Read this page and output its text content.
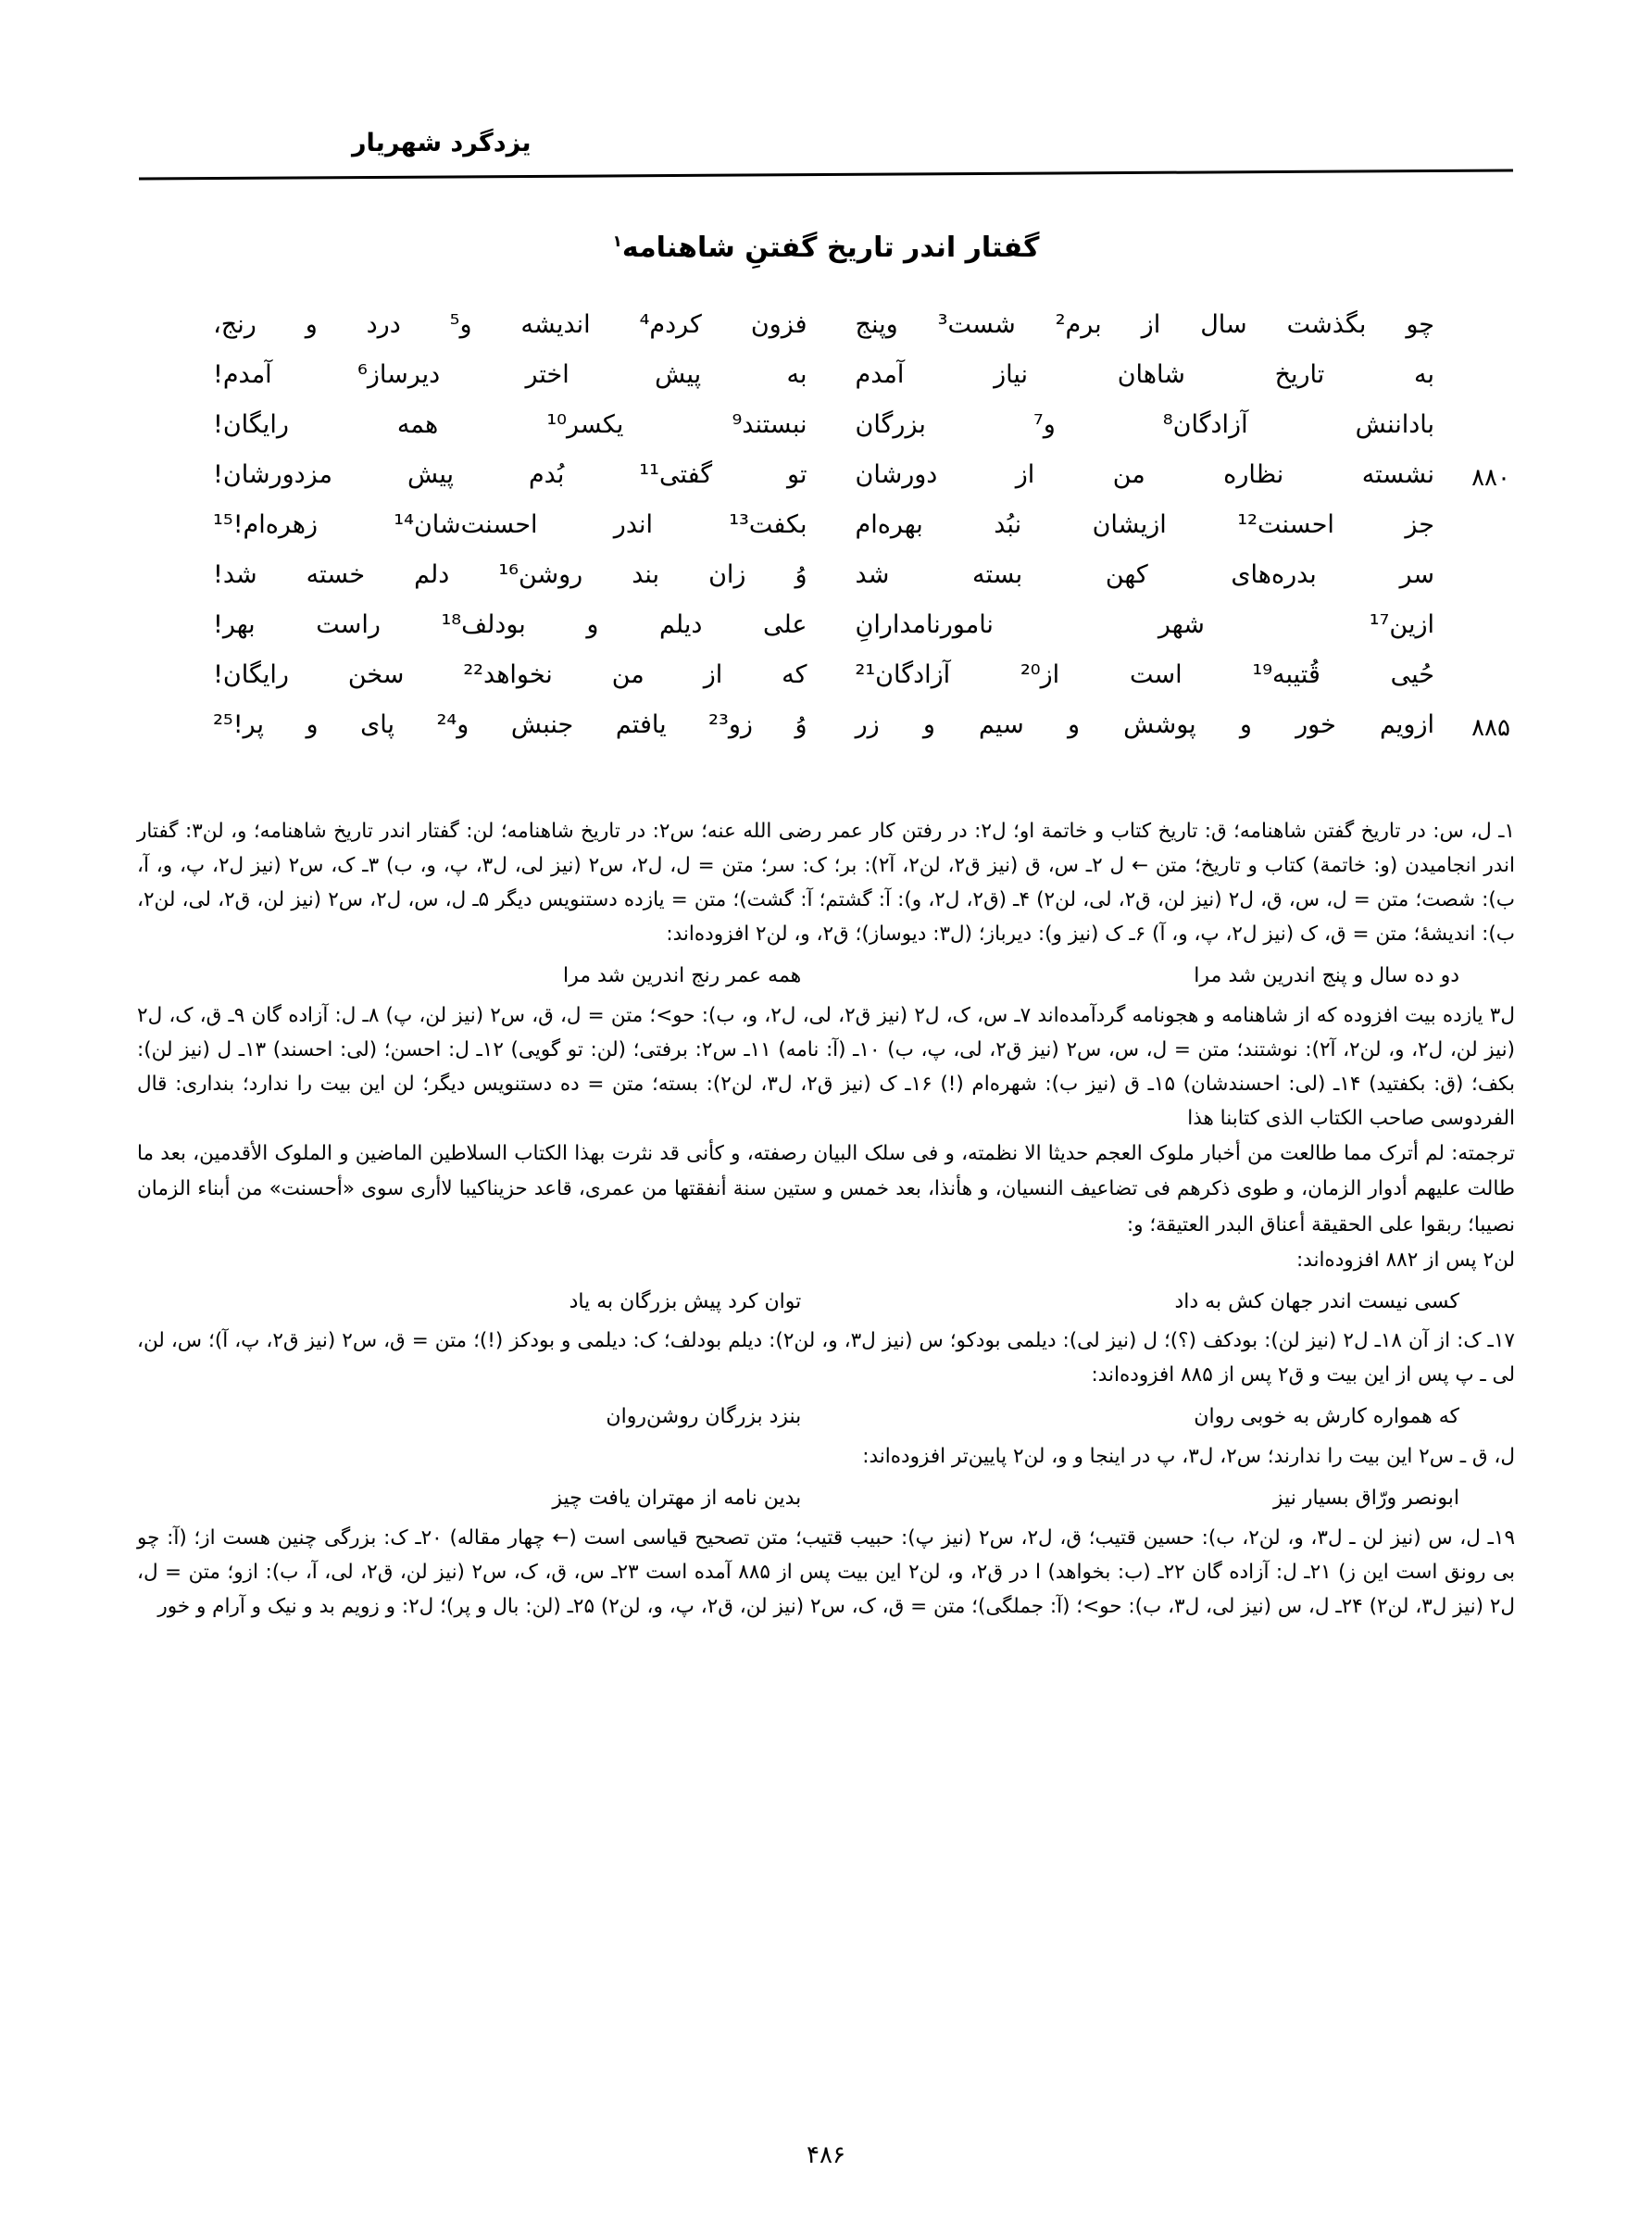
یزدگرد شهریار
گفتار اندر تاریخ گفتنِ شاهنامه$^۱$
چو
بگذشت
سال
از
برم²
شست³
وپنج
فزون
کردم⁴
اندیشه
و⁵
درد
و
رنج،
به
تاریخ
شاهان
نیاز
آمدم
به
پیش
اختر
دیرساز⁶
آمدم!
باداننش
آزادگان⁸
و⁷
بزرگان
نبستند⁹
یکسر¹⁰
همه
رایگان!
۸۸۰
نشسته
نظاره
من
از
دورشان
تو
گفتی¹¹
بُدم
پیش
مزدورشان!
جز
احسنت¹²
ازیشان
نبُد
بهره‌ام
بکفت¹³
اندر
احسنت‌شان¹⁴
زهره‌ام!¹⁵
سر
بدره‌های
کهن
بسته
شد
وُ
زان
بند
روشن¹⁶
دلم
خسته
شد!
ازین¹⁷
شهر
نامورنامدارانِ
علی
دیلم
و
بودلف¹⁸
راست
بهر!
حُیی
قُتیبه¹⁹
است
از²⁰
آزادگان²¹
که
از
من
نخواهد²²
سخن
رایگان!
۸۸۵
ازویم
خور
و
پوشش
و
سیم
و
زر
وُ
زو²³
یافتم
جنبش
و²⁴
پای
و
پر!²⁵

۱ـ ل، س: در تاریخ گفتن شاهنامه؛ ق: تاریخ کتاب و خاتمة او؛ ل۲: در رفتن کار عمر رضی الله عنه؛ س۲: در تاریخ شاهنامه؛ لن: گفتار اندر تاریخ شاهنامه؛ و، لن۳: گفتار اندر انجامیدن (و: خاتمة) کتاب و تاریخ؛ متن ← ل ۲ـ س، ق (نیز ق۲، لن۲، آ۲): بر؛ ک: سر؛ متن = ل، ل۲، س۲ (نیز لی، ل۳، پ، و، ب) ۳ـ ک، س۲ (نیز ل۲، پ، و، آ، ب): شصت؛ متن = ل، س، ق، ل۲ (نیز لن، ق۲، لی، لن۲) ۴ـ (ق۲، ل۲، و): آ: گشتم؛ آ: گشت)؛ متن = یازده دستنویس دیگر ۵ـ ل، س، ل۲، س۲ (نیز لن، ق۲، لی، لن۲، ب): اندیشهٔ؛ متن = ق، ک (نیز ل۲، پ، و، آ) ۶ـ ک (نیز و): دیرباز؛ (ل۳: دیوساز)؛ ق۲، و، لن۲ افزوده‌اند:

دو ده سال و پنج اندرین شد مرا
همه عمر رنج اندرین شد مرا

ل۳ یازده بیت افزوده که از شاهنامه و هجونامه گردآمده‌اند ۷ـ س، ک، ل۲ (نیز ق۲، لی، ل۲، و، ب): حو>؛ متن = ل، ق، س۲ (نیز لن، پ) ۸ـ ل: آزاده گان ۹ـ ق، ک، ل۲ (نیز لن، ل۲، و، لن۲، آ۲): نوشتند؛ متن = ل، س، س۲ (نیز ق۲، لی، پ، ب) ۱۰ـ (آ: نامه) ۱۱ـ س۲: برفتی؛ (لن: تو گویی) ۱۲ـ ل: احسن؛ (لی: احسند) ۱۳ـ ل (نیز لن): بکف؛ (ق: بکفتید) ۱۴ـ (لی: احسندشان) ۱۵ـ ق (نیز ب): شهره‌ام (!) ۱۶ـ ک (نیز ق۲، ل۳، لن۲): بسته؛ متن = ده دستنویس دیگر؛ لن این بیت را ندارد؛ بنداری: قال الفردوسی صاحب الکتاب الذی کتابنا هذا

ترجمته: لم أترک مما طالعت من أخبار ملوک العجم حدیثا الا نظمته، و فی سلک البیان رصفته، و کأنی قد نثرت بهذا الکتاب السلاطین الماضین و الملوک الأقدمین، بعد ما طالت علیهم أدوار الزمان، و طوی ذکرهم فی تضاعیف النسیان، و هأنذا، بعد خمس و ستین سنة أنفقتها من عمری، قاعد حزیناکیبا لاأری سوی «أحسنت» من أبناء الزمان نصیبا؛ ربقوا علی الحقیقة أعناق البدر العتیقة؛ و:

لن۲ پس از ۸۸۲ افزوده‌اند:

کسی نیست اندر جهان کش به داد
توان کرد پیش بزرگان به یاد

۱۷ـ ک: از آن ۱۸ـ ل۲ (نیز لن): بودکف (؟)؛ ل (نیز لی): دیلمی بودکو؛ س (نیز ل۳، و، لن۲): دیلم بودلف؛ ک: دیلمی و بودکز (!)؛ متن = ق، س۲ (نیز ق۲، پ، آ)؛ س، لن، لی ـ پ پس از این بیت و ق۲ پس از ۸۸۵ افزوده‌اند:

که همواره کارش به خوبی روان
بنزد بزرگان روشن‌روان

ل، ق ـ س۲ این بیت را ندارند؛ س۲، ل۳، پ در اینجا و و، لن۲ پایین‌تر افزوده‌اند:

ابونصر ورّاق بسیار نیز
بدین نامه از مهتران یافت چیز

۱۹ـ ل، س (نیز لن ـ ل۳، و، لن۲، ب): حسین قتیب؛ ق، ل۲، س۲ (نیز پ): حبیب قتیب؛ متن تصحیح قیاسی است (← چهار مقاله) ۲۰ـ ک: بزرگی چنین هست از؛ (آ: چو بی رونق است این ز) ۲۱ـ ل: آزاده گان ۲۲ـ (ب: بخواهد) ا در ق۲، و، لن۲ این بیت پس از ۸۸۵ آمده است ۲۳ـ س، ق، ک، س۲ (نیز لن، ق۲، لی، آ، ب): ازو؛ متن = ل، ل۲ (نیز ل۳، لن۲) ۲۴ـ ل، س (نیز لی، ل۳، ب): حو>؛ (آ: جملگی)؛ متن = ق، ک، س۲ (نیز لن، ق۲، پ، و، لن۲) ۲۵ـ (لن: بال و پر)؛ ل۲: و زویم بد و نیک و آرام و خور

۴۸۶
